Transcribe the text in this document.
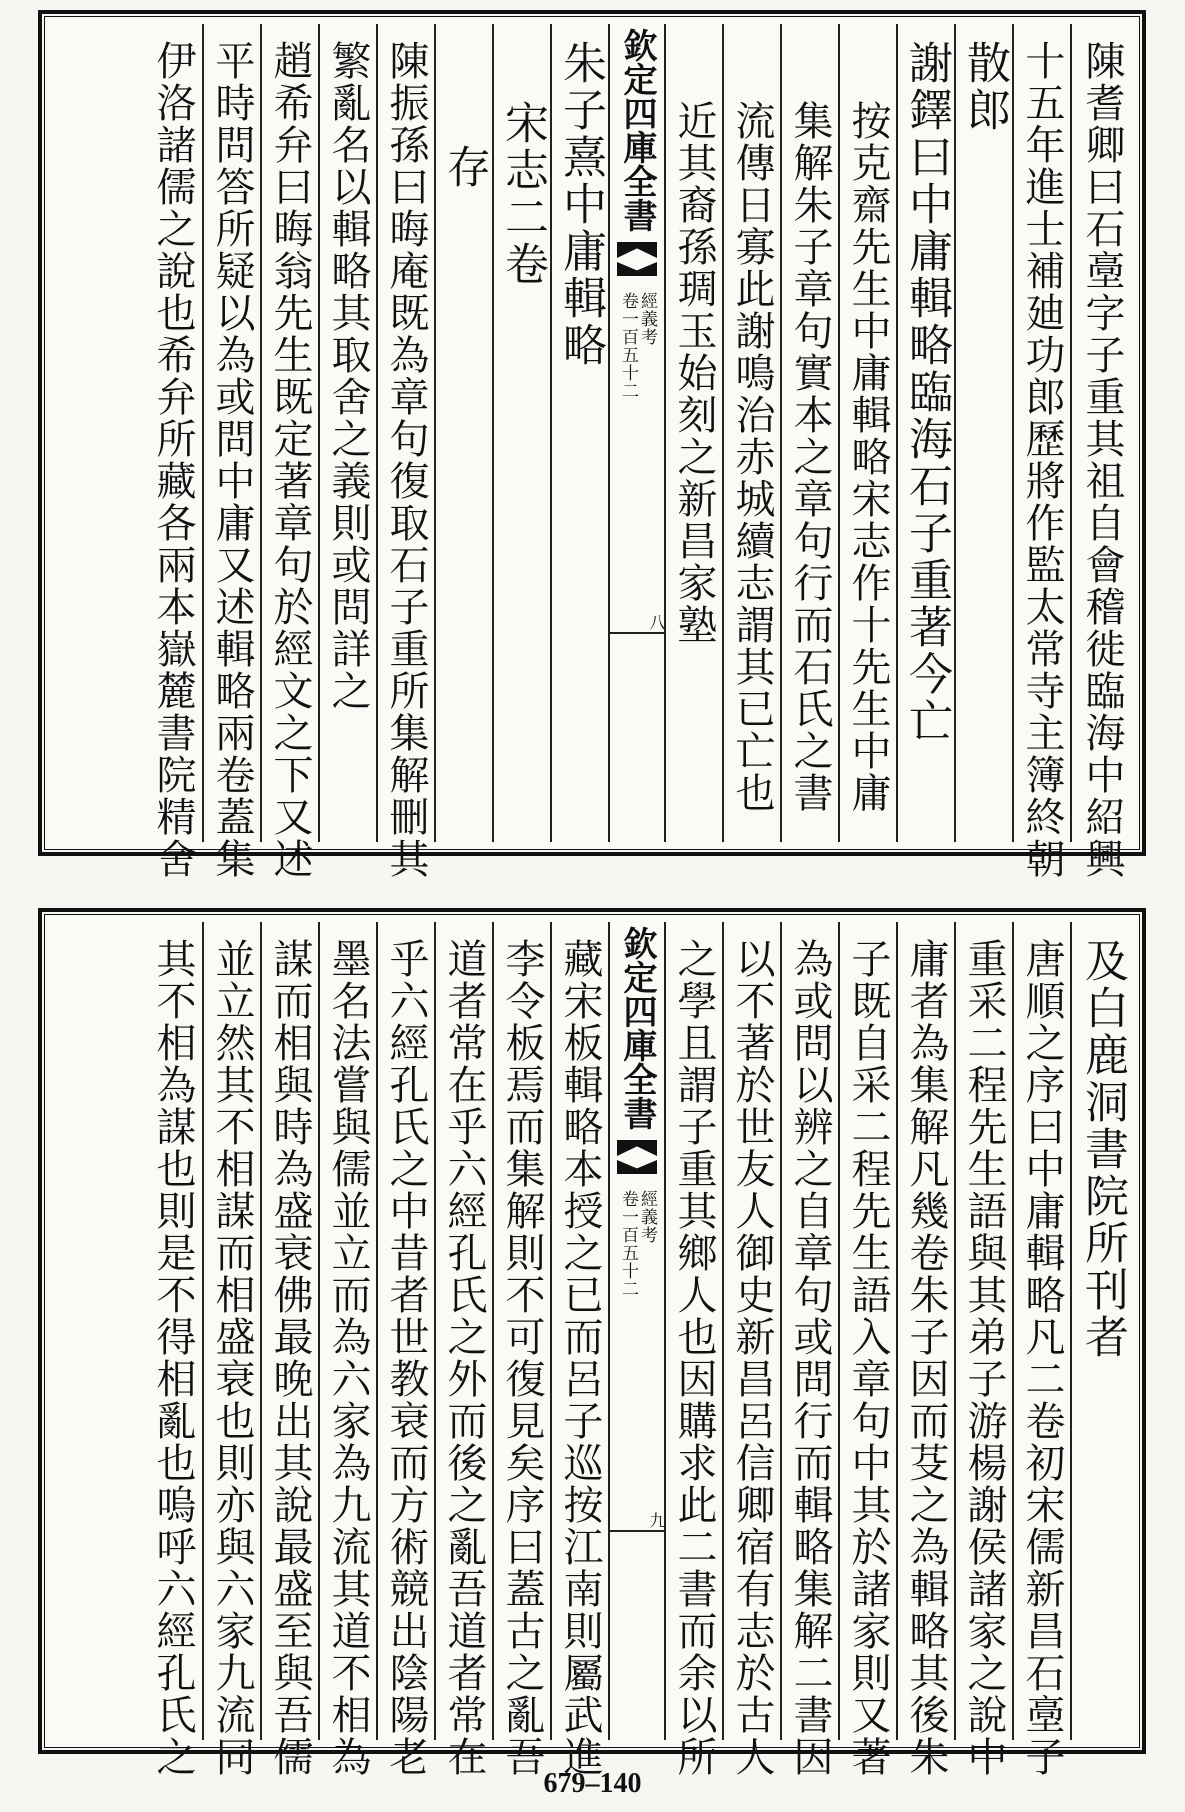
陳耆卿曰石㙜字子重其祖自會稽徙臨海中紹興
十五年進士補廸功郎歷將作監太常寺主簿終朝
散郎
謝鐸曰中庸輯略臨海石子重著今亡
按克齋先生中庸輯略宋志作十先生中庸
集解朱子章句實本之章句行而石氏之書
流傳日寡此謝鳴治赤城續志謂其已亡也
近其裔孫琱玉始刻之新昌家塾
欽定四庫全書
經義考
卷一百五十二
八
朱子熹中庸輯略
宋志二卷
存
陳振孫曰晦庵既為章句復取石子重所集解刪其
繁亂名以輯略其取舍之義則或問詳之
趙希弁曰晦翁先生既定著章句於經文之下又述
平時問答所疑以為或問中庸又述輯略兩卷蓋集
伊洛諸儒之說也希弁所藏各兩本嶽麓書院精舍
及白鹿洞書院所刊者
唐順之序曰中庸輯略凡二卷初宋儒新昌石㙜子
重采二程先生語與其弟子游楊謝侯諸家之說中
庸者為集解凡幾卷朱子因而芟之為輯略其後朱
子既自采二程先生語入章句中其於諸家則又著
為或問以辨之自章句或問行而輯略集解二書因
以不著於世友人御史新昌呂信卿宿有志於古人
之學且謂子重其鄉人也因購求此二書而余以所
欽定四庫全書
經義考
卷一百五十二
九
藏宋板輯略本授之已而呂子巡按江南則屬武進
李令板焉而集解則不可復見矣序曰蓋古之亂吾
道者常在乎六經孔氏之外而後之亂吾道者常在
乎六經孔氏之中昔者世教衰而方術競出陰陽老
墨名法嘗與儒並立而為六家為九流其道不相為
謀而相與時為盛衰佛最晚出其說最盛至與吾儒
並立然其不相謀而相盛衰也則亦與六家九流同
其不相為謀也則是不得相亂也嗚呼六經孔氏之
679–140
